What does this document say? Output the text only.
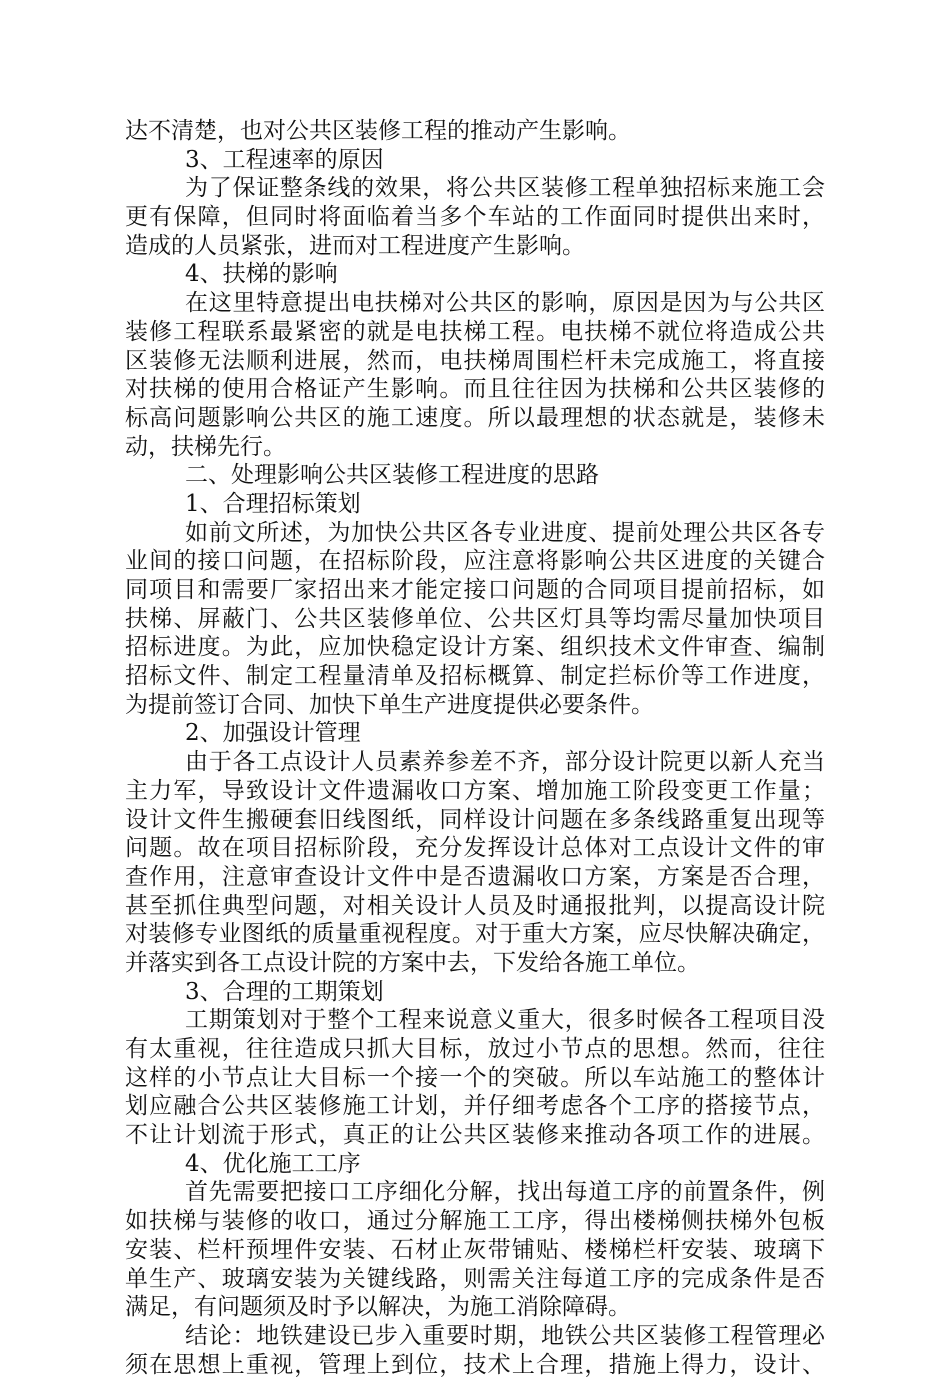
达不清楚，也对公共区装修工程的推动产生影响。
3、工程速率的原因
为了保证整条线的效果，将公共区装修工程单独招标来施工会
更有保障，但同时将面临着当多个车站的工作面同时提供出来时，
造成的人员紧张，进而对工程进度产生影响。
4、扶梯的影响
在这里特意提出电扶梯对公共区的影响，原因是因为与公共区
装修工程联系最紧密的就是电扶梯工程。电扶梯不就位将造成公共
区装修无法顺利进展，然而，电扶梯周围栏杆未完成施工，将直接
对扶梯的使用合格证产生影响。而且往往因为扶梯和公共区装修的
标高问题影响公共区的施工速度。所以最理想的状态就是，装修未
动，扶梯先行。
二、处理影响公共区装修工程进度的思路
1、合理招标策划
如前文所述，为加快公共区各专业进度、提前处理公共区各专
业间的接口问题，在招标阶段，应注意将影响公共区进度的关键合
同项目和需要厂家招出来才能定接口问题的合同项目提前招标，如
扶梯、屏蔽门、公共区装修单位、公共区灯具等均需尽量加快项目
招标进度。为此，应加快稳定设计方案、组织技术文件审查、编制
招标文件、制定工程量清单及招标概算、制定拦标价等工作进度，
为提前签订合同、加快下单生产进度提供必要条件。
2、加强设计管理
由于各工点设计人员素养参差不齐，部分设计院更以新人充当
主力军，导致设计文件遗漏收口方案、增加施工阶段变更工作量；
设计文件生搬硬套旧线图纸，同样设计问题在多条线路重复出现等
问题。故在项目招标阶段，充分发挥设计总体对工点设计文件的审
查作用，注意审查设计文件中是否遗漏收口方案，方案是否合理，
甚至抓住典型问题，对相关设计人员及时通报批判，以提高设计院
对装修专业图纸的质量重视程度。对于重大方案，应尽快解决确定，
并落实到各工点设计院的方案中去，下发给各施工单位。
3、合理的工期策划
工期策划对于整个工程来说意义重大，很多时候各工程项目没
有太重视，往往造成只抓大目标，放过小节点的思想。然而，往往
这样的小节点让大目标一个接一个的突破。所以车站施工的整体计
划应融合公共区装修施工计划，并仔细考虑各个工序的搭接节点，
不让计划流于形式，真正的让公共区装修来推动各项工作的进展。
4、优化施工工序
首先需要把接口工序细化分解，找出每道工序的前置条件，例
如扶梯与装修的收口，通过分解施工工序，得出楼梯侧扶梯外包板
安装、栏杆预埋件安装、石材止灰带铺贴、楼梯栏杆安装、玻璃下
单生产、玻璃安装为关键线路，则需关注每道工序的完成条件是否
满足，有问题须及时予以解决，为施工消除障碍。
结论：地铁建设已步入重要时期，地铁公共区装修工程管理必
须在思想上重视，管理上到位，技术上合理，措施上得力，设计、
